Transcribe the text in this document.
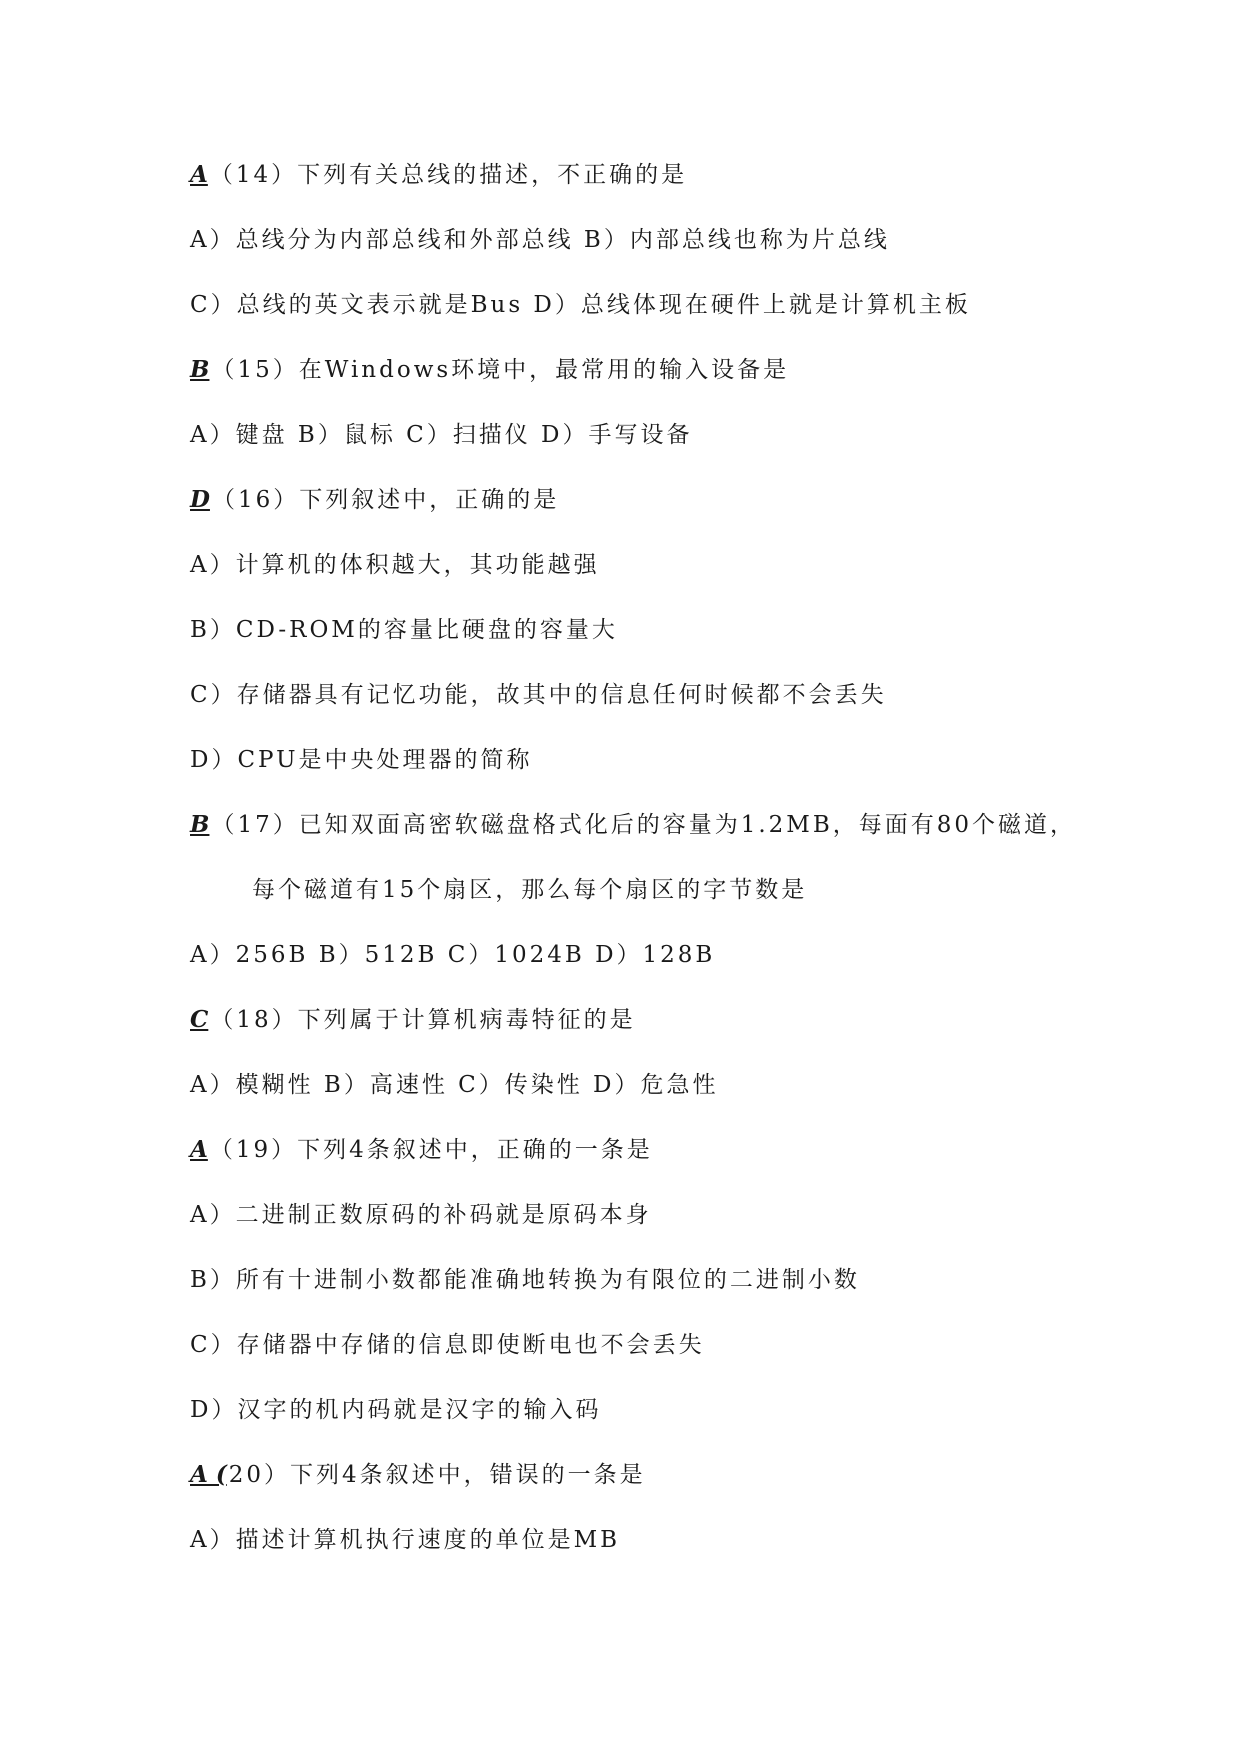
A（14）下列有关总线的描述，不正确的是
A）总线分为内部总线和外部总线 B）内部总线也称为片总线
C）总线的英文表示就是Bus D）总线体现在硬件上就是计算机主板
B（15）在Windows环境中，最常用的输入设备是
A）键盘 B）鼠标 C）扫描仪 D）手写设备
D（16）下列叙述中，正确的是
A）计算机的体积越大，其功能越强
B）CD-ROM的容量比硬盘的容量大
C）存储器具有记忆功能，故其中的信息任何时候都不会丢失
D）CPU是中央处理器的简称
B（17）已知双面高密软磁盘格式化后的容量为1.2MB，每面有80个磁道，
每个磁道有15个扇区，那么每个扇区的字节数是
A）256B B）512B C）1024B D）128B
C（18）下列属于计算机病毒特征的是
A）模糊性 B）高速性 C）传染性 D）危急性
A（19）下列4条叙述中，正确的一条是
A）二进制正数原码的补码就是原码本身
B）所有十进制小数都能准确地转换为有限位的二进制小数
C）存储器中存储的信息即使断电也不会丢失
D）汉字的机内码就是汉字的输入码
A (20）下列4条叙述中，错误的一条是
A）描述计算机执行速度的单位是MB
